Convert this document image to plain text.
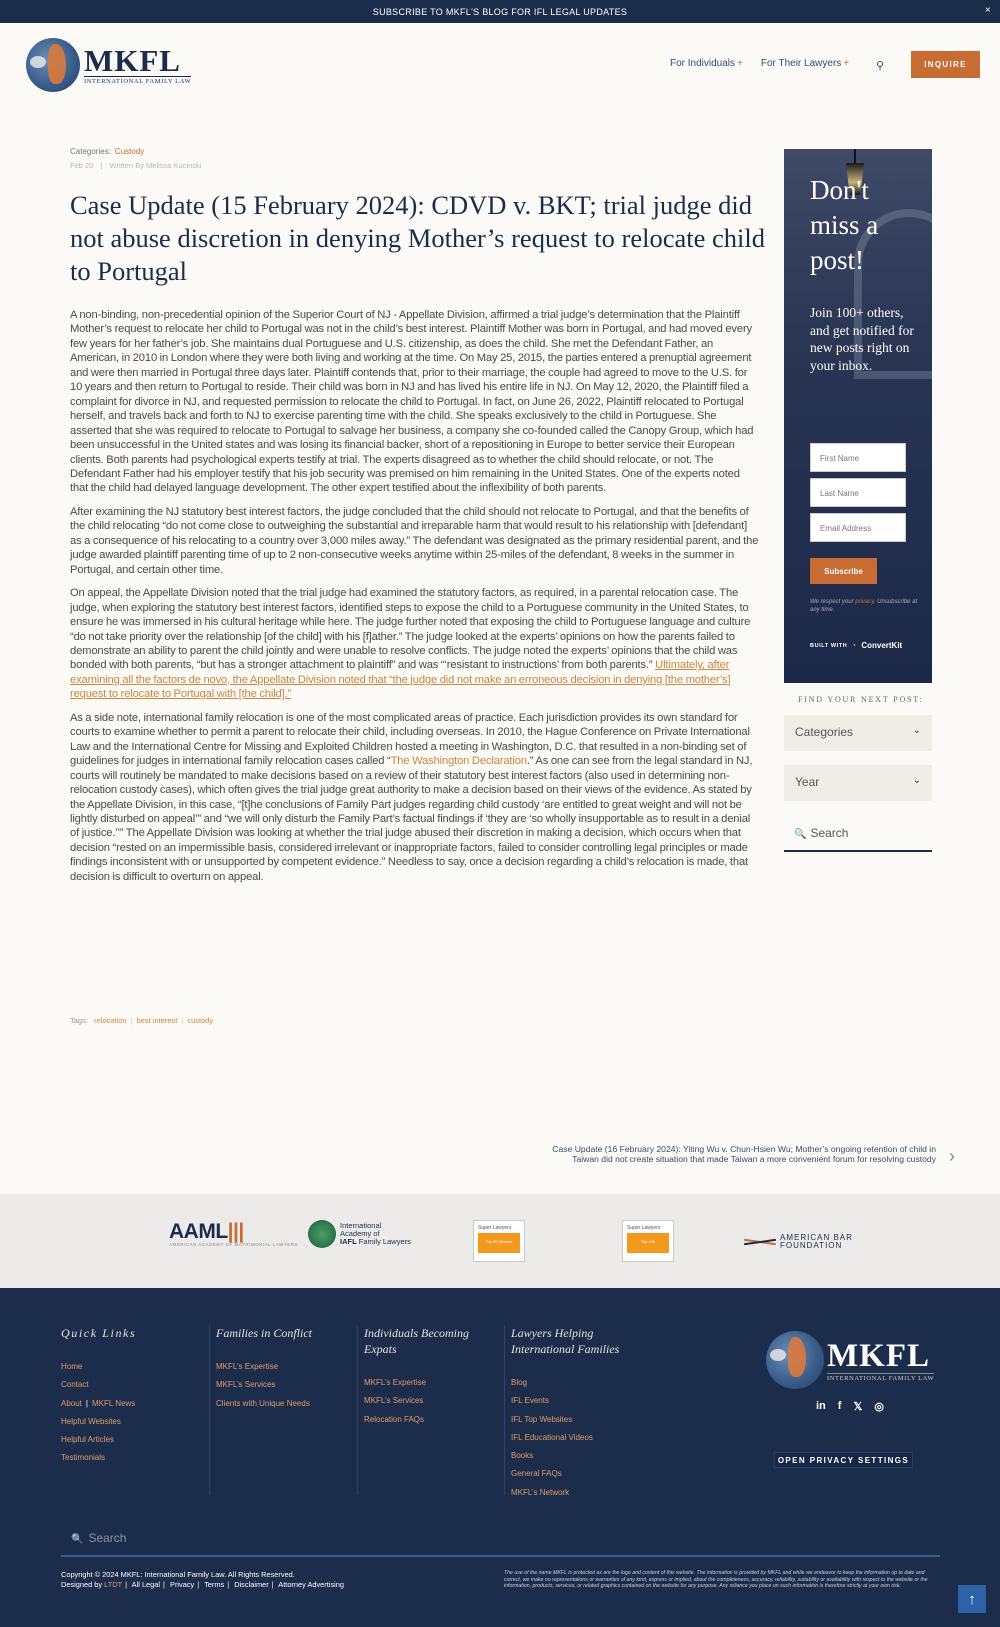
SUBSCRIBE TO MKFL'S BLOG FOR IFL LEGAL UPDATES	×
MKFL
INTERNATIONAL FAMILY LAW
For Individuals + For Their Lawyers + ⚲	INQUIRE
Categories: Custody
Feb 20 | Written By Melissa Kucinski
Case Update (15 February 2024): CDVD v. BKT; trial judge did not abuse discretion in denying Mother’s request to relocate child to Portugal

A non-binding, non-precedential opinion of the Superior Court of NJ - Appellate Division, affirmed a trial judge’s determination that the Plaintiff Mother’s request to relocate her child to Portugal was not in the child’s best interest. Plaintiff Mother was born in Portugal, and had moved every few years for her father’s job. She maintains dual Portuguese and U.S. citizenship, as does the child. She met the Defendant Father, an American, in 2010 in London where they were both living and working at the time. On May 25, 2015, the parties entered a prenuptial agreement and were then married in Portugal three days later. Plaintiff contends that, prior to their marriage, the couple had agreed to move to the U.S. for 10 years and then return to Portugal to reside. Their child was born in NJ and has lived his entire life in NJ. On May 12, 2020, the Plaintiff filed a complaint for divorce in NJ, and requested permission to relocate the child to Portugal. In fact, on June 26, 2022, Plaintiff relocated to Portugal herself, and travels back and forth to NJ to exercise parenting time with the child. She speaks exclusively to the child in Portuguese. She asserted that she was required to relocate to Portugal to salvage her business, a company she co-founded called the Canopy Group, which had been unsuccessful in the United states and was losing its financial backer, short of a repositioning in Europe to better service their European clients. Both parents had psychological experts testify at trial. The experts disagreed as to whether the child should relocate, or not. The Defendant Father had his employer testify that his job security was premised on him remaining in the United States. One of the experts noted that the child had delayed language development. The other expert testified about the inflexibility of both parents.

After examining the NJ statutory best interest factors, the judge concluded that the child should not relocate to Portugal, and that the benefits of the child relocating “do not come close to outweighing the substantial and irreparable harm that would result to his relationship with [defendant] as a consequence of his relocating to a country over 3,000 miles away.” The defendant was designated as the primary residential parent, and the judge awarded plaintiff parenting time of up to 2 non-consecutive weeks anytime within 25-miles of the defendant, 8 weeks in the summer in Portugal, and certain other time.

On appeal, the Appellate Division noted that the trial judge had examined the statutory factors, as required, in a parental relocation case. The judge, when exploring the statutory best interest factors, identified steps to expose the child to a Portuguese community in the United States, to ensure he was immersed in his cultural heritage while here. The judge further noted that exposing the child to Portuguese language and culture “do not take priority over the relationship [of the child] with his [f]ather.” The judge looked at the experts’ opinions on how the parents failed to demonstrate an ability to parent the child jointly and were unable to resolve conflicts. The judge noted the experts’ opinions that the child was bonded with both parents, “but has a stronger attachment to plaintiff” and was “‘resistant to instructions’ from both parents.” Ultimately, after examining all the factors de novo, the Appellate Division noted that “the judge did not make an erroneous decision in denying [the mother’s] request to relocate to Portugal with [the child].”

As a side note, international family relocation is one of the most complicated areas of practice. Each jurisdiction provides its own standard for courts to examine whether to permit a parent to relocate their child, including overseas. In 2010, the Hague Conference on Private International Law and the International Centre for Missing and Exploited Children hosted a meeting in Washington, D.C. that resulted in a non-binding set of guidelines for judges in international family relocation cases called “The Washington Declaration.” As one can see from the legal standard in NJ, courts will routinely be mandated to make decisions based on a review of their statutory best interest factors (also used in determining non-relocation custody cases), which often gives the trial judge great authority to make a decision based on their views of the evidence. As stated by the Appellate Division, in this case, “[t]he conclusions of Family Part judges regarding child custody ‘are entitled to great weight and will not be lightly disturbed on appeal’” and “we will only disturb the Family Part’s factual findings if ‘they are ‘so wholly insupportable as to result in a denial of justice.’’” The Appellate Division was looking at whether the trial judge abused their discretion in making a decision, which occurs when that decision “rested on an impermissible basis, considered irrelevant or inappropriate factors, failed to consider controlling legal principles or made findings inconsistent with or unsupported by competent evidence.” Needless to say, once a decision regarding a child’s relocation is made, that decision is difficult to overturn on appeal.

Tags: relocation | best interest | custody
Don't miss a post!
Join 100+ others, and get notified for new posts right on your inbox.
First Name
Last Name
Email Address
Subscribe
We respect your privacy. Unsubscribe at any time.
BUILT WITH ◔ ConvertKit
FIND YOUR NEXT POST:
Categories	⌄
Year	⌄
🔍 Search
Case Update (16 February 2024): Yiting Wu v. Chun-Hsien Wu; Mother’s ongoing retention of child in
Taiwan did not create situation that made Taiwan a more convenient forum for resolving custody ›
AAML|||
AMERICAN ACADEMY OF MATRIMONIAL LAWYERS
International
Academy of
IAFL Family Lawyers
Super Lawyers
Top 50 Women
Super Lawyers
Top 100	AMERICAN BAR
FOUNDATION
Quick Links
Home
Contact
About | MKFL News
Helpful Websites
Helpful Articles
Testimonials
Families in Conflict
MKFL’s Expertise
MKFL’s Services
Clients with Unique Needs
Individuals Becoming Expats
MKFL’s Expertise
MKFL’s Services
Relocation FAQs
Lawyers Helping International Families
Blog
IFL Events
IFL Top Websites
IFL Educational Videos
Books
General FAQs
MKFL’s Network
MKFL
INTERNATIONAL FAMILY LAW
in f 𝕏 ◎
OPEN PRIVACY SETTINGS
🔍 Search
Copyright © 2024 MKFL: International Family Law. All Rights Reserved.
Designed by LTDT | All Legal | Privacy | Terms | Disclaimer | Attorney Advertising
The use of the name MKFL is protected as are the logo and content of this website. The information is provided by MKFL and while we endeavor to keep the information up to date and correct, we make no representations or warranties of any kind, express or implied, about the completeness, accuracy, reliability, suitability or availability with respect to the website or the information, products, services, or related graphics contained on the website for any purpose. Any reliance you place on such information is therefore strictly at your own risk.
↑
